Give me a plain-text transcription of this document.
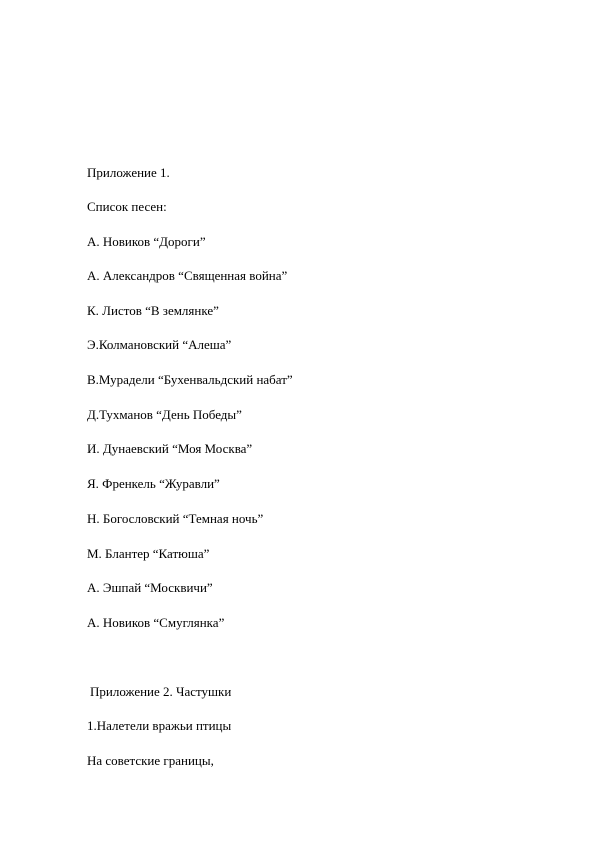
Приложение 1.
Список песен:
А. Новиков “Дороги”
А. Александров “Священная война”
К. Листов “В землянке”
Э.Колмановский “Алеша”
В.Мурадели “Бухенвальдский набат”
Д.Тухманов “День Победы”
И. Дунаевский “Моя Москва”
Я. Френкель “Журавли”
Н. Богословский “Темная ночь”
М. Блантер “Катюша”
А. Эшпай “Москвичи”
А. Новиков “Смуглянка”
Приложение 2. Частушки
1.Налетели вражьи птицы
На советские границы,
